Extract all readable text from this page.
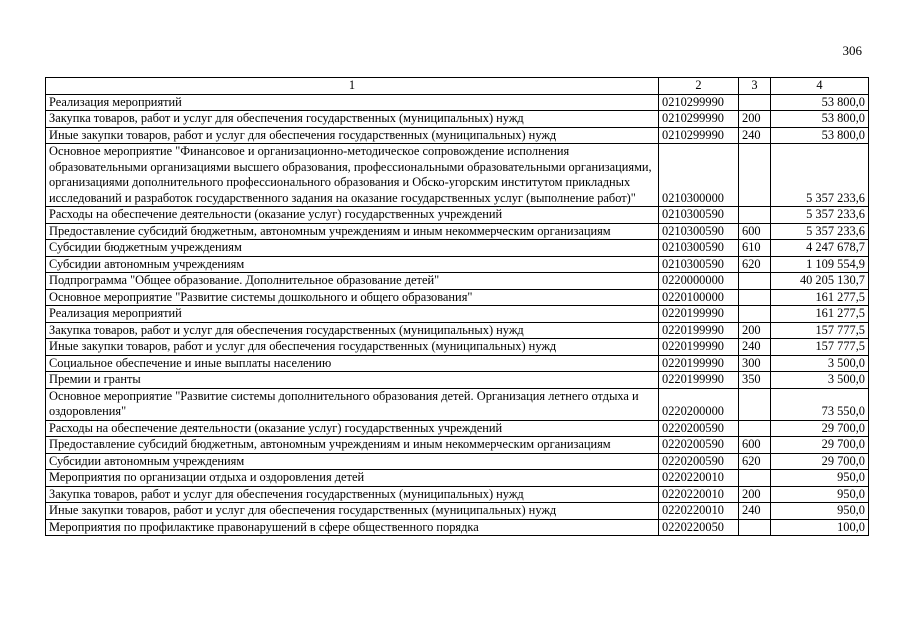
306
1	2	3	4
Реализация мероприятий	0210299990		53 800,0
Закупка товаров, работ и услуг для обеспечения государственных (муниципальных) нужд	0210299990	200	53 800,0
Иные закупки товаров, работ и услуг для обеспечения государственных (муниципальных) нужд	0210299990	240	53 800,0
Основное мероприятие "Финансовое и организационно-методическое сопровождение исполнения образовательными организациями высшего образования, профессиональными образовательными организациями, организациями дополнительного профессионального образования и Обско-угорским институтом прикладных исследований и разработок государственного задания на оказание государственных услуг (выполнение работ)"	0210300000		5 357 233,6
Расходы на обеспечение деятельности (оказание услуг) государственных учреждений	0210300590		5 357 233,6
Предоставление субсидий бюджетным, автономным учреждениям и иным некоммерческим организациям	0210300590	600	5 357 233,6
Субсидии бюджетным учреждениям	0210300590	610	4 247 678,7
Субсидии автономным учреждениям	0210300590	620	1 109 554,9
Подпрограмма "Общее образование. Дополнительное образование детей"	0220000000		40 205 130,7
Основное мероприятие "Развитие системы дошкольного и общего образования"	0220100000		161 277,5
Реализация мероприятий	0220199990		161 277,5
Закупка товаров, работ и услуг для обеспечения государственных (муниципальных) нужд	0220199990	200	157 777,5
Иные закупки товаров, работ и услуг для обеспечения государственных (муниципальных) нужд	0220199990	240	157 777,5
Социальное обеспечение и иные выплаты населению	0220199990	300	3 500,0
Премии и гранты	0220199990	350	3 500,0
Основное мероприятие "Развитие системы дополнительного образования детей. Организация летнего отдыха и оздоровления"	0220200000		73 550,0
Расходы на обеспечение деятельности (оказание услуг) государственных учреждений	0220200590		29 700,0
Предоставление субсидий бюджетным, автономным учреждениям и иным некоммерческим организациям	0220200590	600	29 700,0
Субсидии автономным учреждениям	0220200590	620	29 700,0
Мероприятия по организации отдыха и оздоровления детей	0220220010		950,0
Закупка товаров, работ и услуг для обеспечения государственных (муниципальных) нужд	0220220010	200	950,0
Иные закупки товаров, работ и услуг для обеспечения государственных (муниципальных) нужд	0220220010	240	950,0
Мероприятия по профилактике правонарушений в сфере общественного порядка	0220220050		100,0
